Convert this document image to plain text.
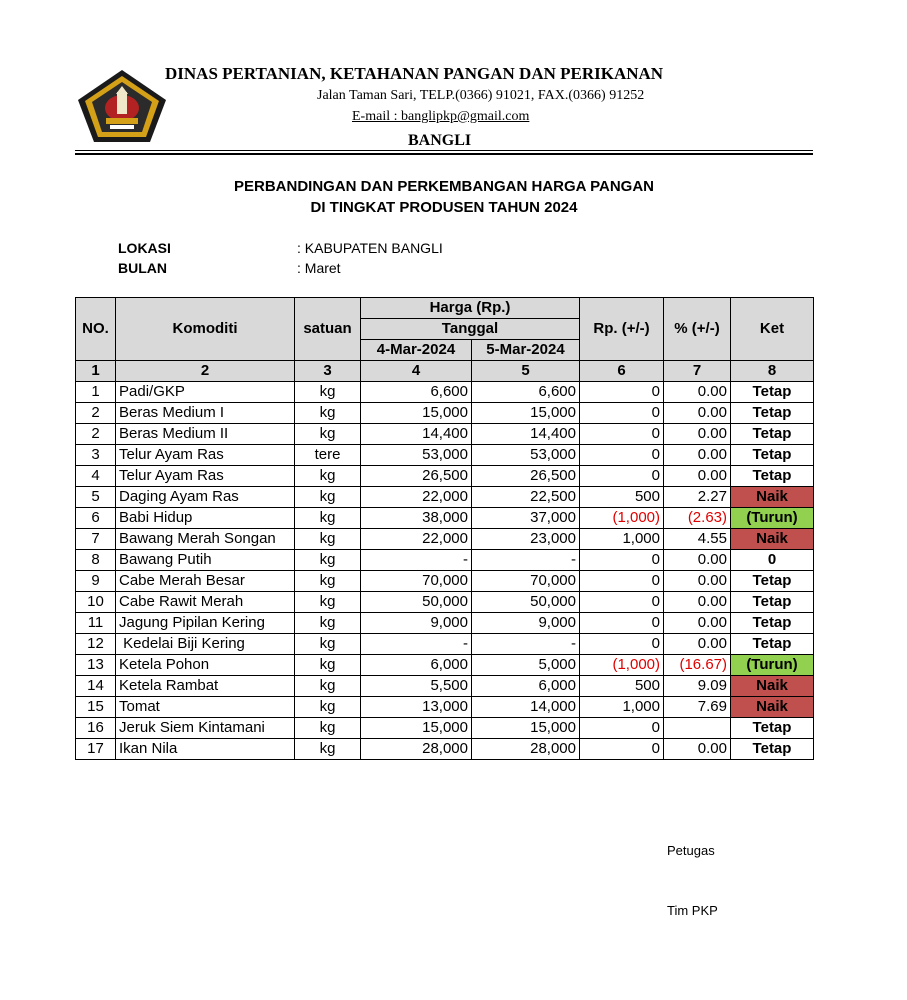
DINAS PERTANIAN, KETAHANAN PANGAN DAN PERIKANAN
Jalan Taman Sari, TELP.(0366) 91021, FAX.(0366) 91252
E-mail : banglipkp@gmail.com
BANGLI
PERBANDINGAN DAN PERKEMBANGAN HARGA PANGAN
DI TINGKAT PRODUSEN TAHUN 2024
LOKASI	: KABUPATEN BANGLI
BULAN	: Maret
NO.	Komoditi	satuan	Harga (Rp.)		Rp. (+/-)	% (+/-)	Ket
			Tanggal				
			4-Mar-2024	5-Mar-2024			
1	2	3	4	5	6	7	8
1	Padi/GKP	kg	6,600	6,600	0	0.00	Tetap
2	Beras Medium I	kg	15,000	15,000	0	0.00	Tetap
2	Beras Medium II	kg	14,400	14,400	0	0.00	Tetap
3	Telur Ayam Ras	tere	53,000	53,000	0	0.00	Tetap
4	Telur Ayam Ras	kg	26,500	26,500	0	0.00	Tetap
5	Daging Ayam Ras	kg	22,000	22,500	500	2.27	Naik
6	Babi Hidup	kg	38,000	37,000	(1,000)	(2.63)	(Turun)
7	Bawang Merah Songan	kg	22,000	23,000	1,000	4.55	Naik
8	Bawang Putih	kg	-	-	0	0.00	0
9	Cabe Merah Besar	kg	70,000	70,000	0	0.00	Tetap
10	Cabe Rawit Merah	kg	50,000	50,000	0	0.00	Tetap
11	Jagung Pipilan Kering	kg	9,000	9,000	0	0.00	Tetap
12	Kedelai Biji Kering	kg	-	-	0	0.00	Tetap
13	Ketela Pohon	kg	6,000	5,000	(1,000)	(16.67)	(Turun)
14	Ketela Rambat	kg	5,500	6,000	500	9.09	Naik
15	Tomat	kg	13,000	14,000	1,000	7.69	Naik
16	Jeruk Siem Kintamani	kg	15,000	15,000	0		Tetap
17	Ikan Nila	kg	28,000	28,000	0	0.00	Tetap
Petugas
Tim PKP
